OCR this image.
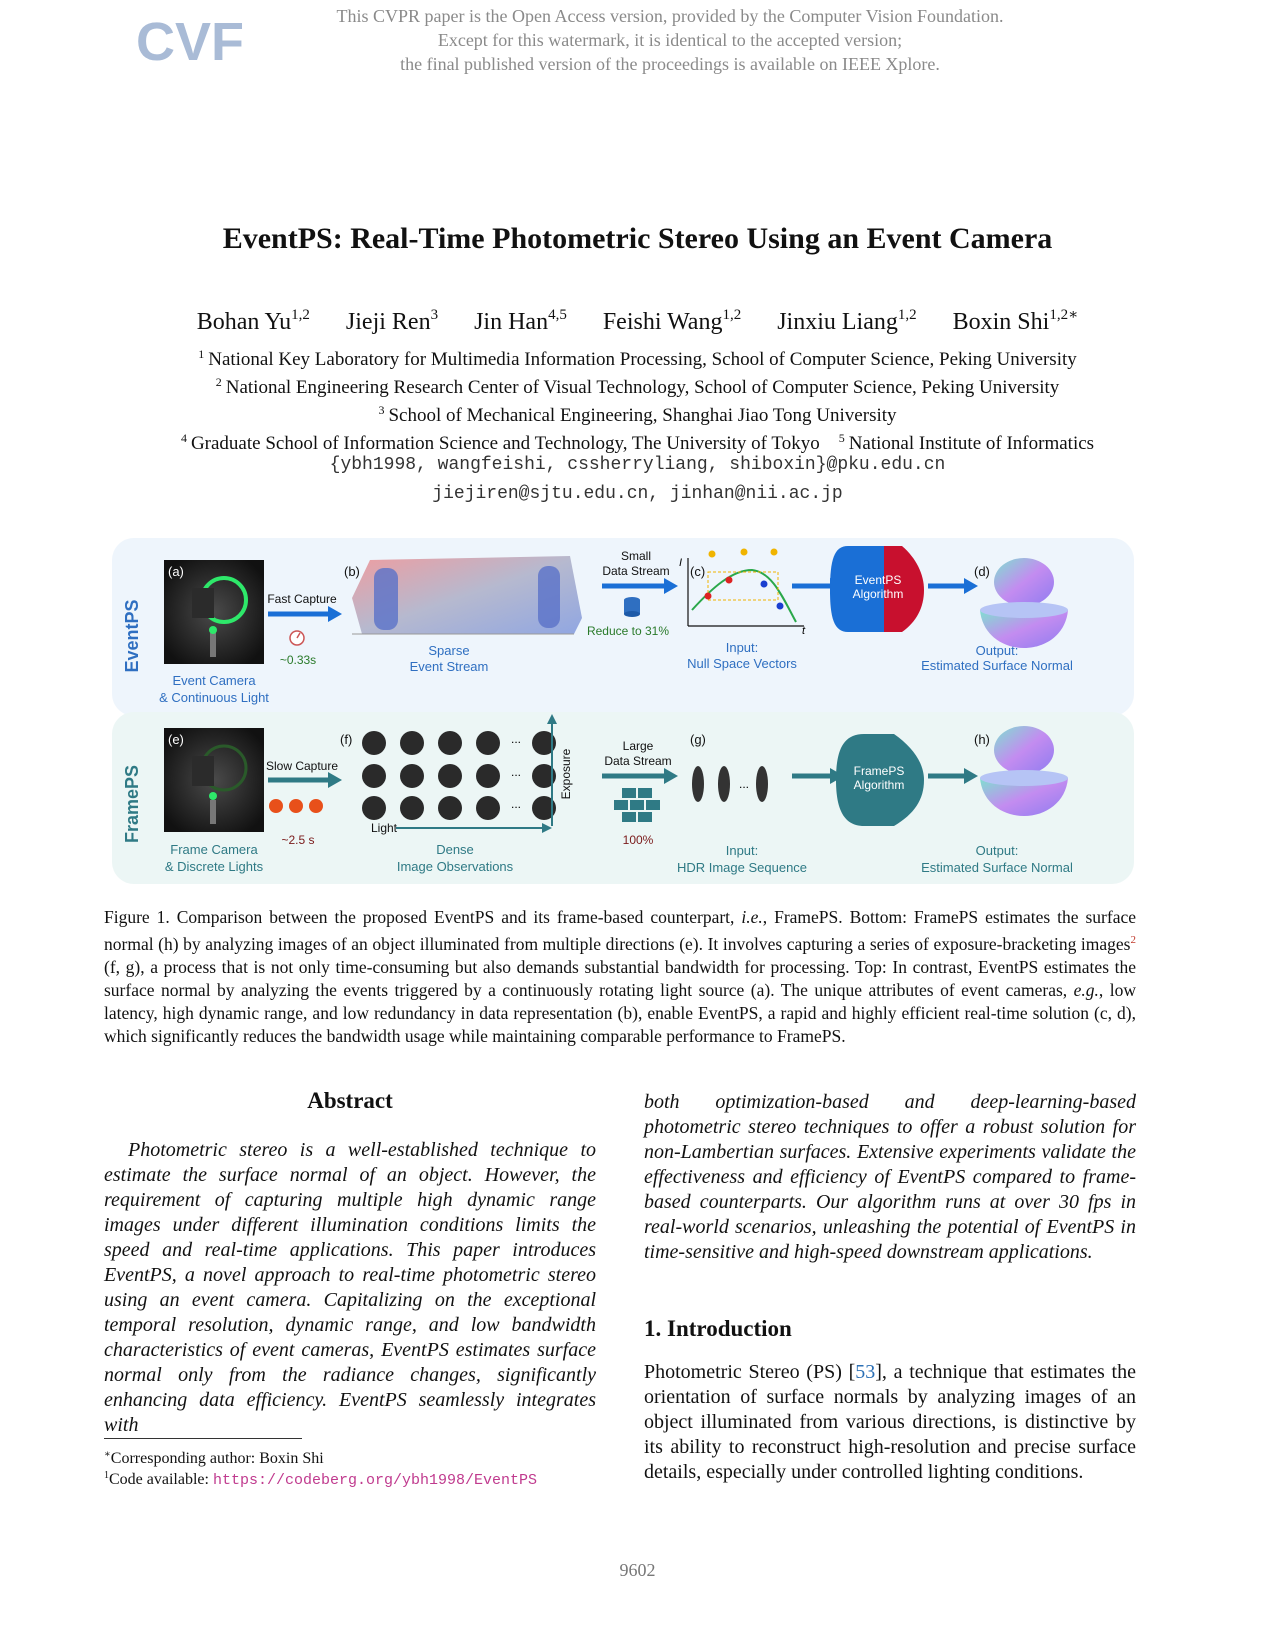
CVF	This CVPR paper is the Open Access version, provided by the Computer Vision Foundation.
Except for this watermark, it is identical to the accepted version;
the final published version of the proceedings is available on IEEE Xplore.
EventPS: Real-Time Photometric Stereo Using an Event Camera
Bohan Yu$^{1,2}$ Jieji Ren$^3$ Jin Han$^{4,5}$ Feishi Wang$^{1,2}$ Jinxiu Liang$^{1,2}$ Boxin Shi$^{1,2∗}$
$^1$ National Key Laboratory for Multimedia Information Processing, School of Computer Science, Peking University
$^2$ National Engineering Research Center of Visual Technology, School of Computer Science, Peking University
$^3$ School of Mechanical Engineering, Shanghai Jiao Tong University
$^4$ Graduate School of Information Science and Technology, The University of Tokyo $^5$ National Institute of Informatics
{ybh1998, wangfeishi, cssherryliang, shiboxin}@pku.edu.cn
jiejiren@sjtu.edu.cn, jinhan@nii.ac.jp
EventPS
FramePS
(a)
Event Camera
& Continuous Light
Fast Capture
~0.33s
(b)
Sparse
Event Stream
Small
Data Stream
Reduce to 31%
(c)
I
t
Input:
Null Space Vectors
EventPS
Algorithm
(d)
Output:
Estimated Surface Normal
(e)
Frame Camera
& Discrete Lights
Slow Capture
~2.5 s
(f)	...
...
...
Exposure
Light
Dense
Image Observations
Large
Data Stream
100%
(g)
...
Input:
HDR Image Sequence
FramePS
Algorithm
(h)
Output:
Estimated Surface Normal
Figure 1. Comparison between the proposed EventPS and its frame-based counterpart, i.e., FramePS. Bottom: FramePS estimates the surface normal (h) by analyzing images of an object illuminated from multiple directions (e). It involves capturing a series of exposure-bracketing images$^2$ (f, g), a process that is not only time-consuming but also demands substantial bandwidth for processing. Top: In contrast, EventPS estimates the surface normal by analyzing the events triggered by a continuously rotating light source (a). The unique attributes of event cameras, e.g., low latency, high dynamic range, and low redundancy in data representation (b), enable EventPS, a rapid and highly efficient real-time solution (c, d), which significantly reduces the bandwidth usage while maintaining comparable performance to FramePS.
Abstract
Photometric stereo is a well-established technique to estimate the surface normal of an object. However, the requirement of capturing multiple high dynamic range images under different illumination conditions limits the speed and real-time applications. This paper introduces EventPS, a novel approach to real-time photometric stereo using an event camera. Capitalizing on the exceptional temporal resolution, dynamic range, and low bandwidth characteristics of event cameras, EventPS estimates surface normal only from the radiance changes, significantly enhancing data efficiency. EventPS seamlessly integrates with
both optimization-based and deep-learning-based photometric stereo techniques to offer a robust solution for non-Lambertian surfaces. Extensive experiments validate the effectiveness and efficiency of EventPS compared to frame-based counterparts. Our algorithm runs at over 30 fps in real-world scenarios, unleashing the potential of EventPS in time-sensitive and high-speed downstream applications.
1. Introduction
Photometric Stereo (PS) [53], a technique that estimates the orientation of surface normals by analyzing images of an object illuminated from various directions, is distinctive by its ability to reconstruct high-resolution and precise surface details, especially under controlled lighting conditions.
∗Corresponding author: Boxin Shi
$^1$Code available: https://codeberg.org/ybh1998/EventPS
9602
